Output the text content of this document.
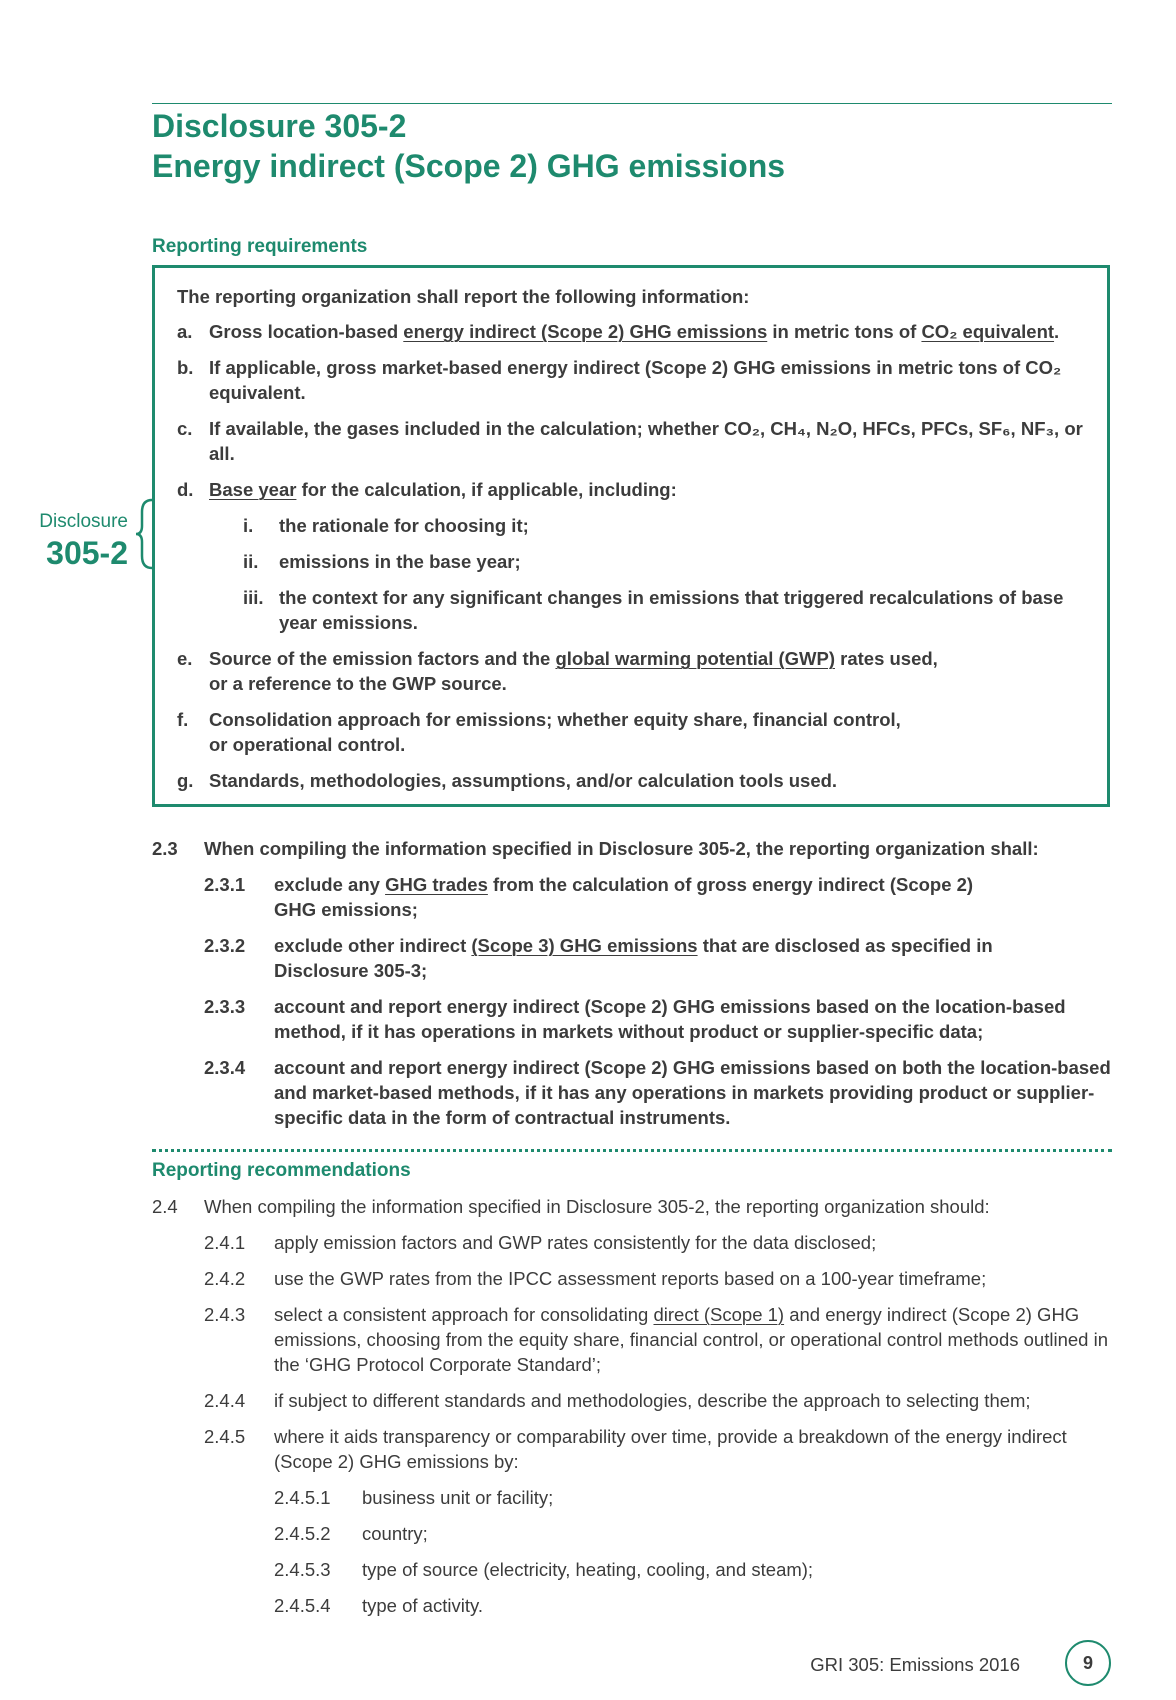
Disclosure 305-2
Energy indirect (Scope 2) GHG emissions
Reporting requirements
Disclosure
305-2

The reporting organization shall report the following information:

a. Gross location-based energy indirect (Scope 2) GHG emissions in metric tons of CO₂ equivalent.
b. If applicable, gross market-based energy indirect (Scope 2) GHG emissions in metric tons of CO₂ equivalent.
c. If available, the gases included in the calculation; whether CO₂, CH₄, N₂O, HFCs, PFCs, SF₆, NF₃, or all.
d. Base year for the calculation, if applicable, including:
i.	the rationale for choosing it;
ii.	emissions in the base year;
iii. the context for any significant changes in emissions that triggered recalculations of base year emissions.
e. Source of the emission factors and the global warming potential (GWP) rates used,
or a reference to the GWP source.
f.	Consolidation approach for emissions; whether equity share, financial control,
or operational control.
g. Standards, methodologies, assumptions, and/or calculation tools used.
2.3	When compiling the information specified in Disclosure 305-2, the reporting organization shall:
2.3.1	exclude any GHG trades from the calculation of gross energy indirect (Scope 2)
GHG emissions;
2.3.2	exclude other indirect (Scope 3) GHG emissions that are disclosed as specified in
Disclosure 305-3;
2.3.3	account and report energy indirect (Scope 2) GHG emissions based on the location-based method, if it has operations in markets without product or supplier-specific data;
2.3.4	account and report energy indirect (Scope 2) GHG emissions based on both the location-based and market-based methods, if it has any operations in markets providing product or supplier-specific data in the form of contractual instruments.
Reporting recommendations
2.4	When compiling the information specified in Disclosure 305-2, the reporting organization should:
2.4.1	apply emission factors and GWP rates consistently for the data disclosed;
2.4.2	use the GWP rates from the IPCC assessment reports based on a 100-year timeframe;
2.4.3	select a consistent approach for consolidating direct (Scope 1) and energy indirect (Scope 2) GHG emissions, choosing from the equity share, financial control, or operational control methods outlined in the ‘GHG Protocol Corporate Standard’;
2.4.4	if subject to different standards and methodologies, describe the approach to selecting them;
2.4.5	where it aids transparency or comparability over time, provide a breakdown of the energy indirect (Scope 2) GHG emissions by:
2.4.5.1	business unit or facility;
2.4.5.2	country;
2.4.5.3	type of source (electricity, heating, cooling, and steam);
2.4.5.4	type of activity.
GRI 305: Emissions 2016	9
